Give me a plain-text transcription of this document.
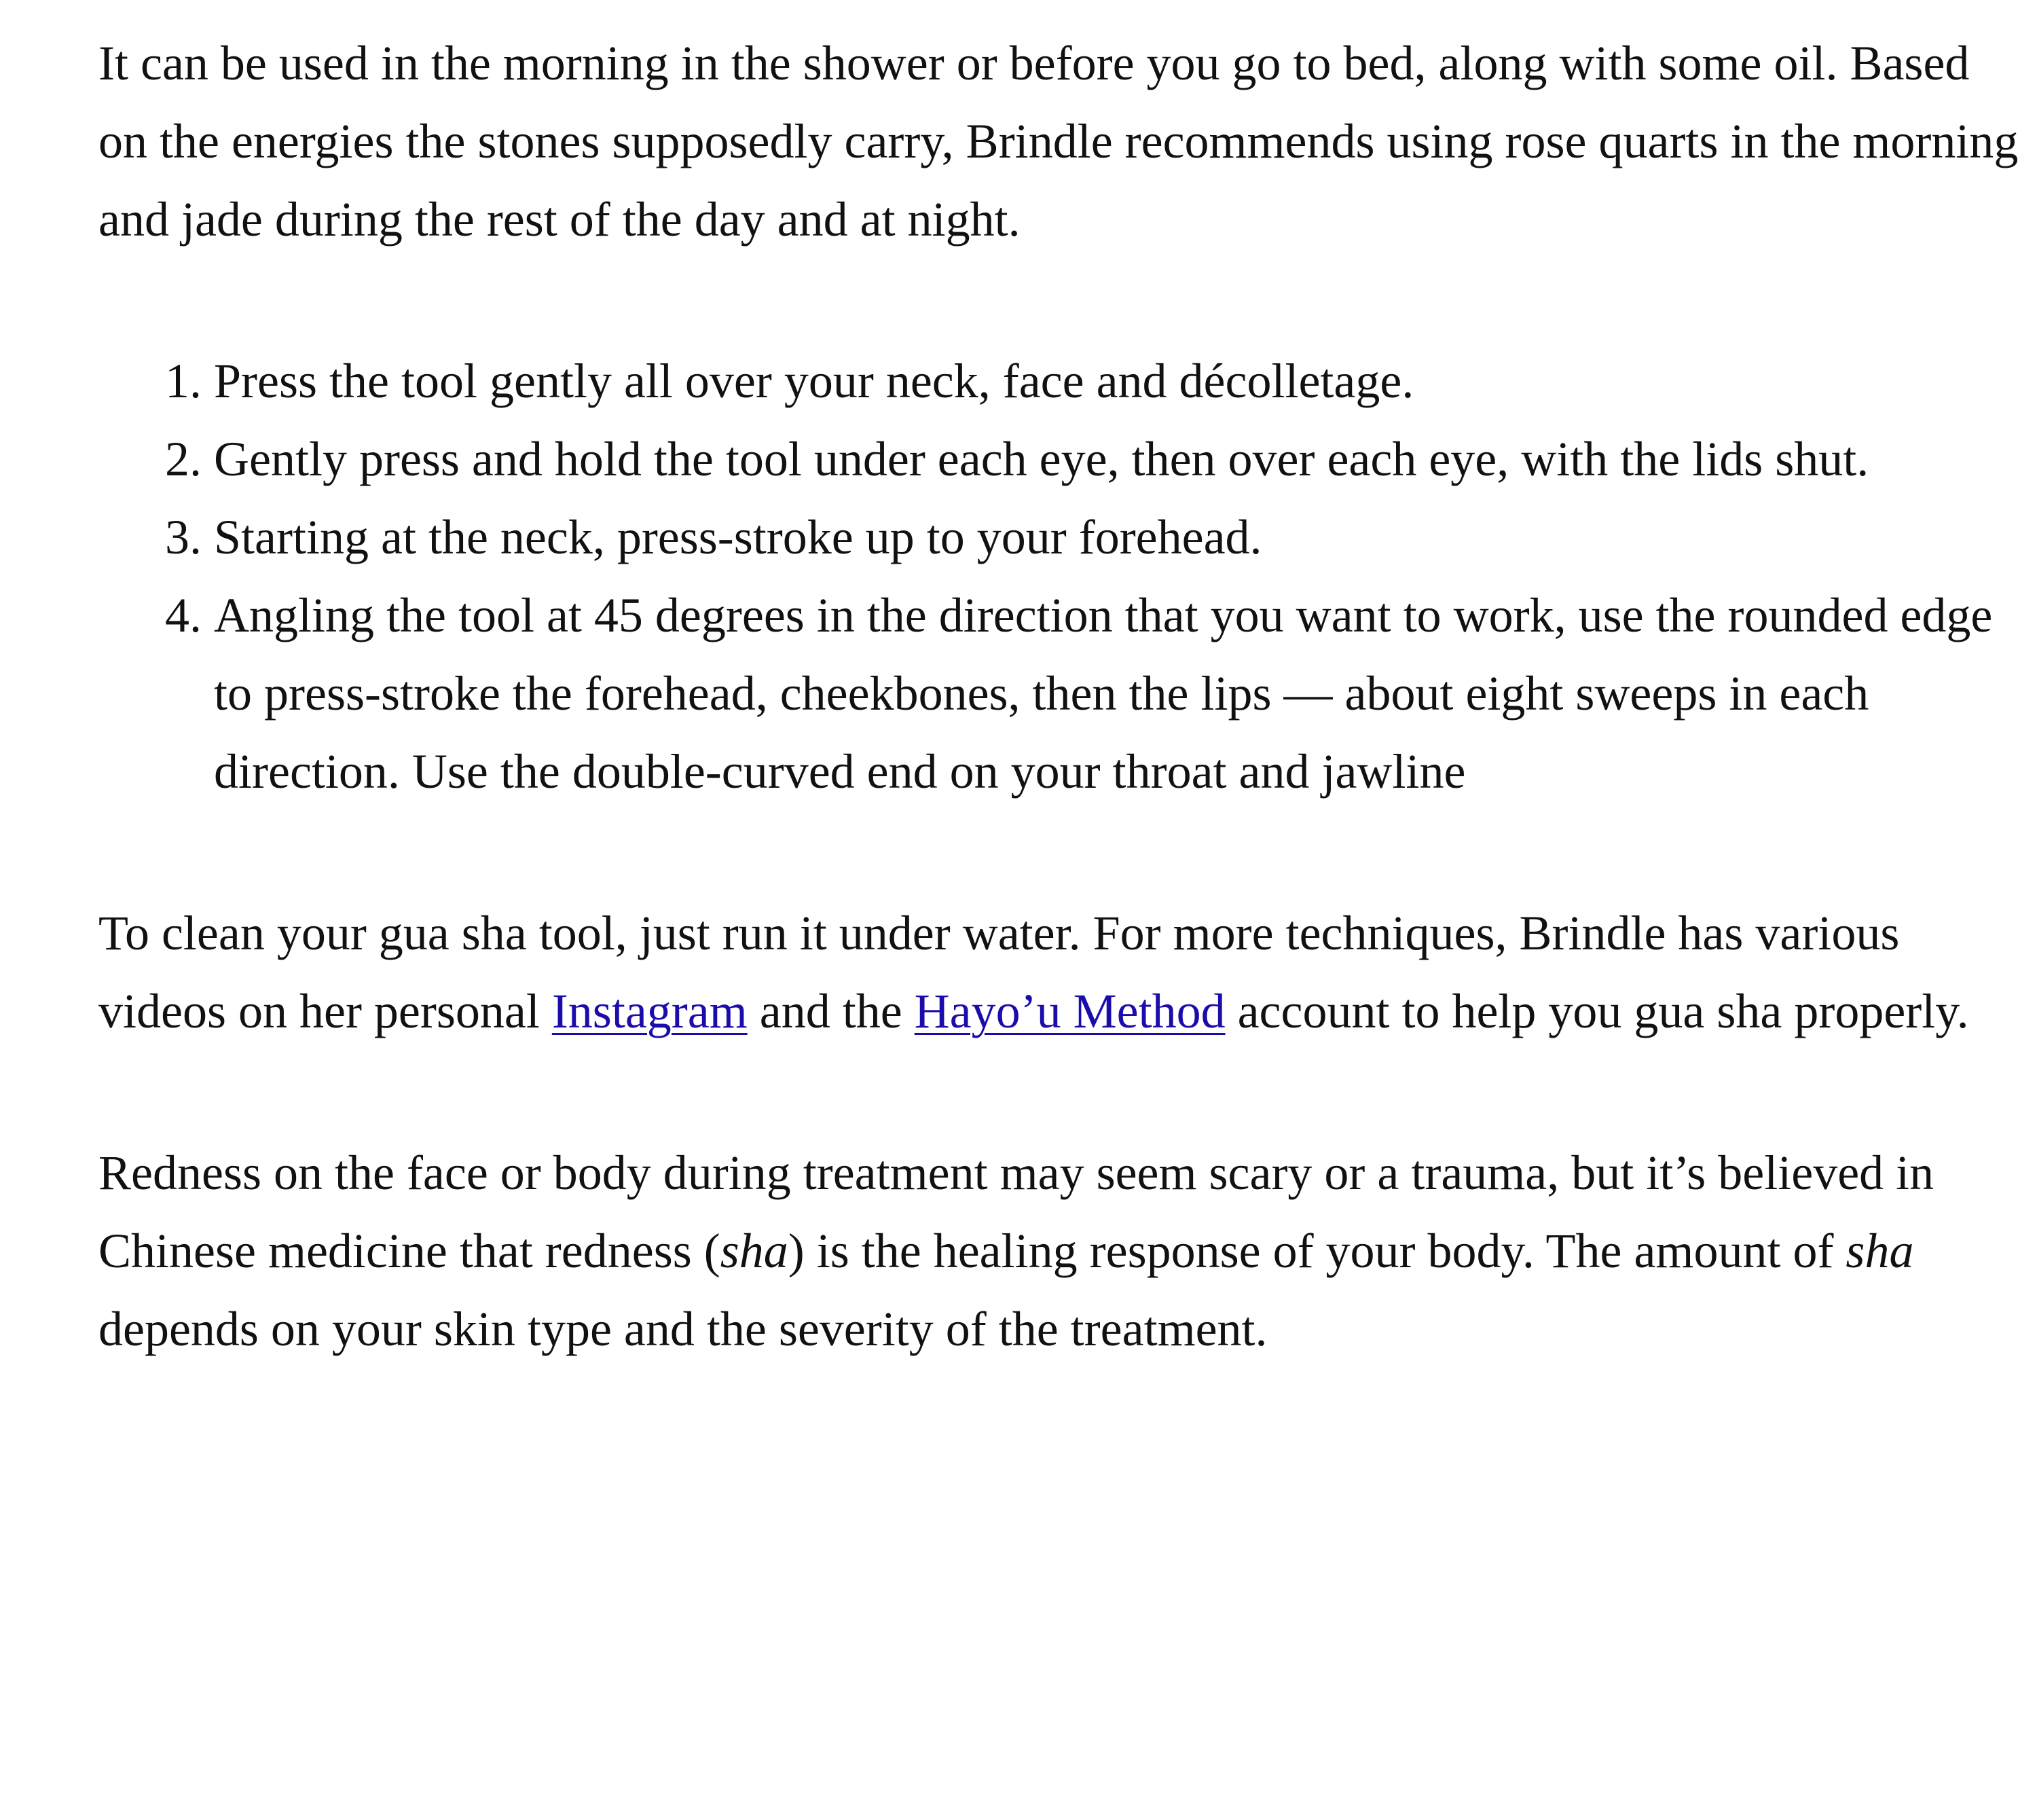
It can be used in the morning in the shower or before you go to bed, along with some oil. Based on the energies the stones supposedly carry, Brindle recommends using rose quarts in the morning and jade during the rest of the day and at night.

1. Press the tool gently all over your neck, face and décolletage.
2. Gently press and hold the tool under each eye, then over each eye, with the lids shut.
3. Starting at the neck, press-stroke up to your forehead.
4. Angling the tool at 45 degrees in the direction that you want to work, use the rounded edge to press-stroke the forehead, cheekbones, then the lips — about eight sweeps in each direction. Use the double-curved end on your throat and jawline

To clean your gua sha tool, just run it under water. For more techniques, Brindle has various videos on her personal Instagram and the Hayo’u Method account to help you gua sha properly.

Redness on the face or body during treatment may seem scary or a trauma, but it’s believed in Chinese medicine that redness (sha) is the healing response of your body. The amount of sha depends on your skin type and the severity of the treatment.
